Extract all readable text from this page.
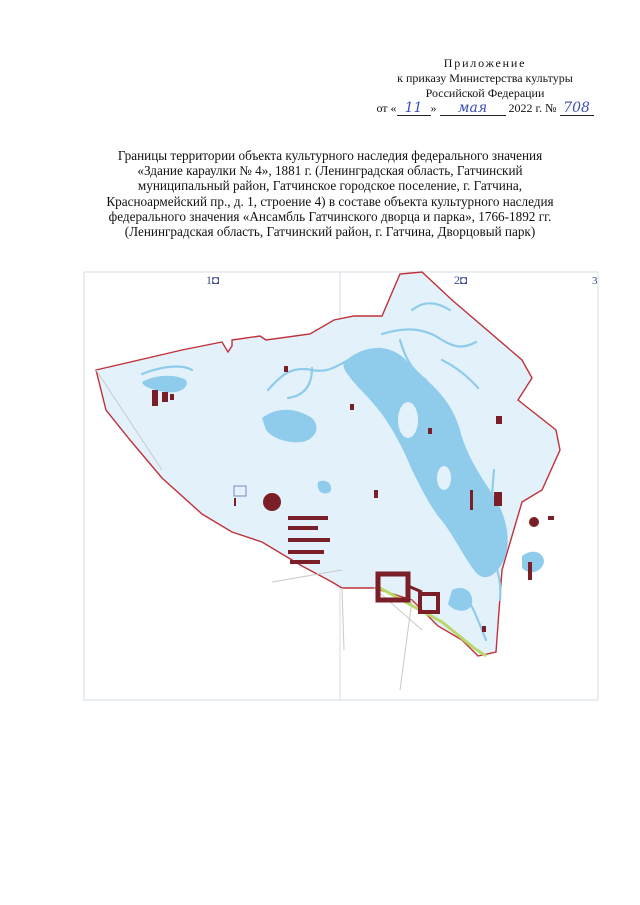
Приложение
к приказу Министерства культуры
Российской Федерации
от « 11 » мая 2022 г. № 708
Границы территории объекта культурного наследия федерального значения
«Здание караулки № 4», 1881 г. (Ленинградская область, Гатчинский
муниципальный район, Гатчинское городское поселение, г. Гатчина,
Красноармейский пр., д. 1, строение 4) в составе объекта культурного наследия
федерального значения «Ансамбль Гатчинского дворца и парка», 1766-1892 гг.
(Ленинградская область, Гатчинский район, г. Гатчина, Дворцовый парк)
1◘	2◘	3
